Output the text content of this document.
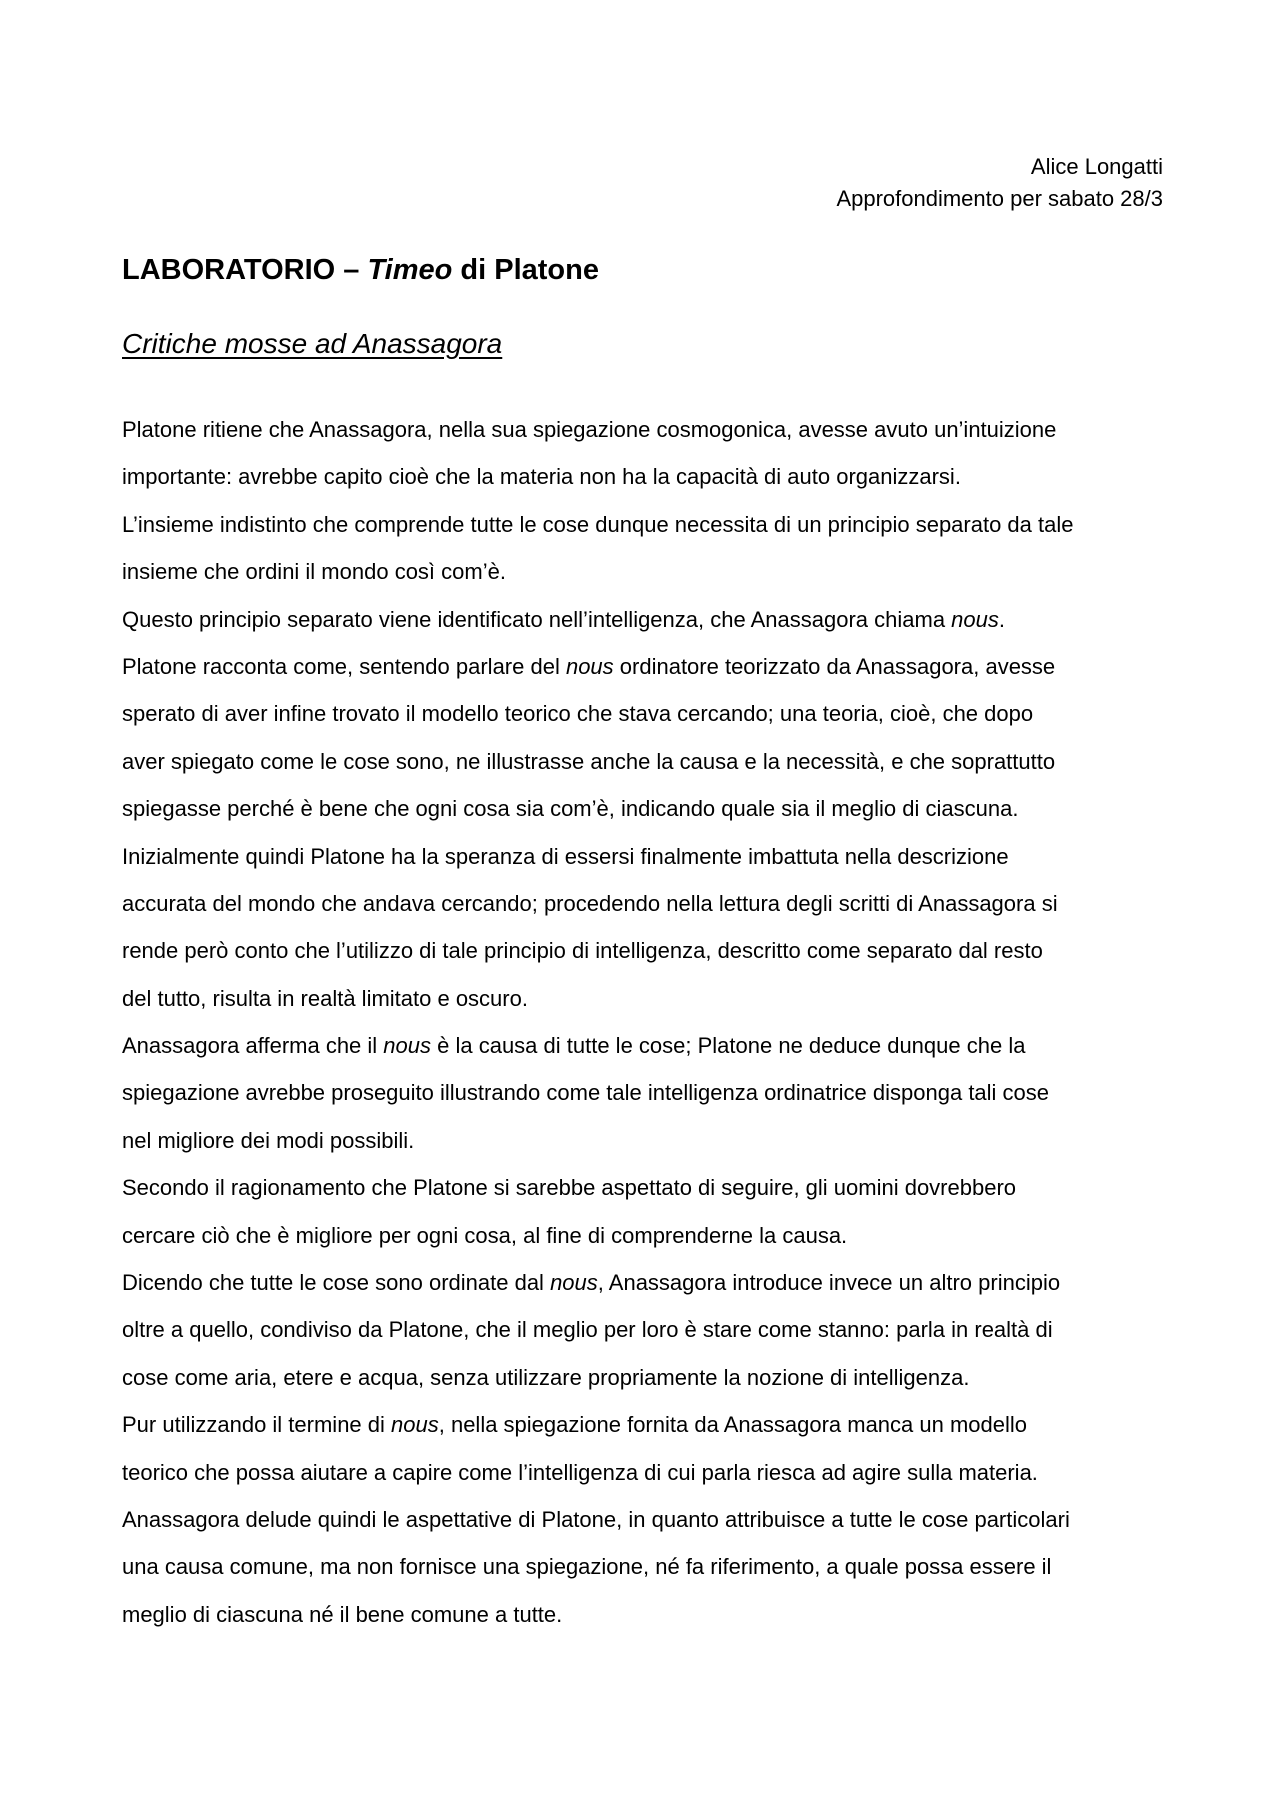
Alice Longatti
Approfondimento per sabato 28/3
LABORATORIO – Timeo di Platone
Critiche mosse ad Anassagora
Platone ritiene che Anassagora, nella sua spiegazione cosmogonica, avesse avuto un’intuizione
importante: avrebbe capito cioè che la materia non ha la capacità di auto organizzarsi.
L’insieme indistinto che comprende tutte le cose dunque necessita di un principio separato da tale
insieme che ordini il mondo così com’è.
Questo principio separato viene identificato nell’intelligenza, che Anassagora chiama nous.
Platone racconta come, sentendo parlare del nous ordinatore teorizzato da Anassagora, avesse
sperato di aver infine trovato il modello teorico che stava cercando; una teoria, cioè, che dopo
aver spiegato come le cose sono, ne illustrasse anche la causa e la necessità, e che soprattutto
spiegasse perché è bene che ogni cosa sia com’è, indicando quale sia il meglio di ciascuna.
Inizialmente quindi Platone ha la speranza di essersi finalmente imbattuta nella descrizione
accurata del mondo che andava cercando; procedendo nella lettura degli scritti di Anassagora si
rende però conto che l’utilizzo di tale principio di intelligenza, descritto come separato dal resto
del tutto, risulta in realtà limitato e oscuro.
Anassagora afferma che il nous è la causa di tutte le cose; Platone ne deduce dunque che la
spiegazione avrebbe proseguito illustrando come tale intelligenza ordinatrice disponga tali cose
nel migliore dei modi possibili.
Secondo il ragionamento che Platone si sarebbe aspettato di seguire, gli uomini dovrebbero
cercare ciò che è migliore per ogni cosa, al fine di comprenderne la causa.
Dicendo che tutte le cose sono ordinate dal nous, Anassagora introduce invece un altro principio
oltre a quello, condiviso da Platone, che il meglio per loro è stare come stanno: parla in realtà di
cose come aria, etere e acqua, senza utilizzare propriamente la nozione di intelligenza.
Pur utilizzando il termine di nous, nella spiegazione fornita da Anassagora manca un modello
teorico che possa aiutare a capire come l’intelligenza di cui parla riesca ad agire sulla materia.
Anassagora delude quindi le aspettative di Platone, in quanto attribuisce a tutte le cose particolari
una causa comune, ma non fornisce una spiegazione, né fa riferimento, a quale possa essere il
meglio di ciascuna né il bene comune a tutte.
